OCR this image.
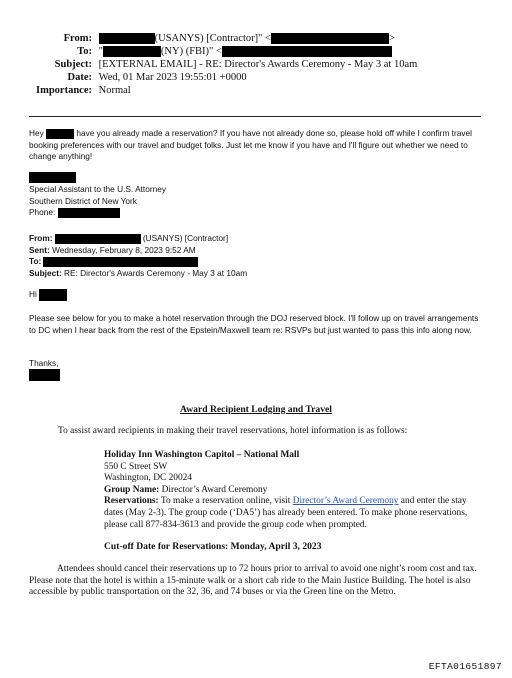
From:	(USANYS) [Contractor]" <	>
To: "	(NY) (FBI)" <
Subject: [EXTERNAL EMAIL] - RE: Director's Awards Ceremony - May 3 at 10am
Date: Wed, 01 Mar 2023 19:55:01 +0000
Importance: Normal

Hey	have you already made a reservation? If you have not already done so, please hold off while I confirm travel booking preferences with our travel and budget folks. Just let me know if you have and I'll figure out whether we need to change anything!

Special Assistant to the U.S. Attorney
Southern District of New York
Phone:
From:	(USANYS) [Contractor]
Sent: Wednesday, February 8, 2023 9:52 AM
To:
Subject: RE: Director's Awards Ceremony - May 3 at 10am
Hi
Please see below for you to make a hotel reservation through the DOJ reserved block. I'll follow up on travel arrangements to DC when I hear back from the rest of the Epstein/Maxwell team re: RSVPs but just wanted to pass this info along now.
Thanks,
Award Recipient Lodging and Travel
To assist award recipients in making their travel reservations, hotel information is as follows:
Holiday Inn Washington Capitol – National Mall
550 C Street SW
Washington, DC 20024
Group Name: Director’s Award Ceremony
Reservations: To make a reservation online, visit Director’s Award Ceremony and enter the stay dates (May 2-3). The group code (‘DA5’) has already been entered. To make phone reservations, please call 877-834-3613 and provide the group code when prompted.
Cut-off Date for Reservations: Monday, April 3, 2023
Attendees should cancel their reservations up to 72 hours prior to arrival to avoid one night’s room cost and tax. Please note that the hotel is within a 15-minute walk or a short cab ride to the Main Justice Building. The hotel is also accessible by public transportation on the 32, 36, and 74 buses or via the Green line on the Metro.
EFTA01651897
